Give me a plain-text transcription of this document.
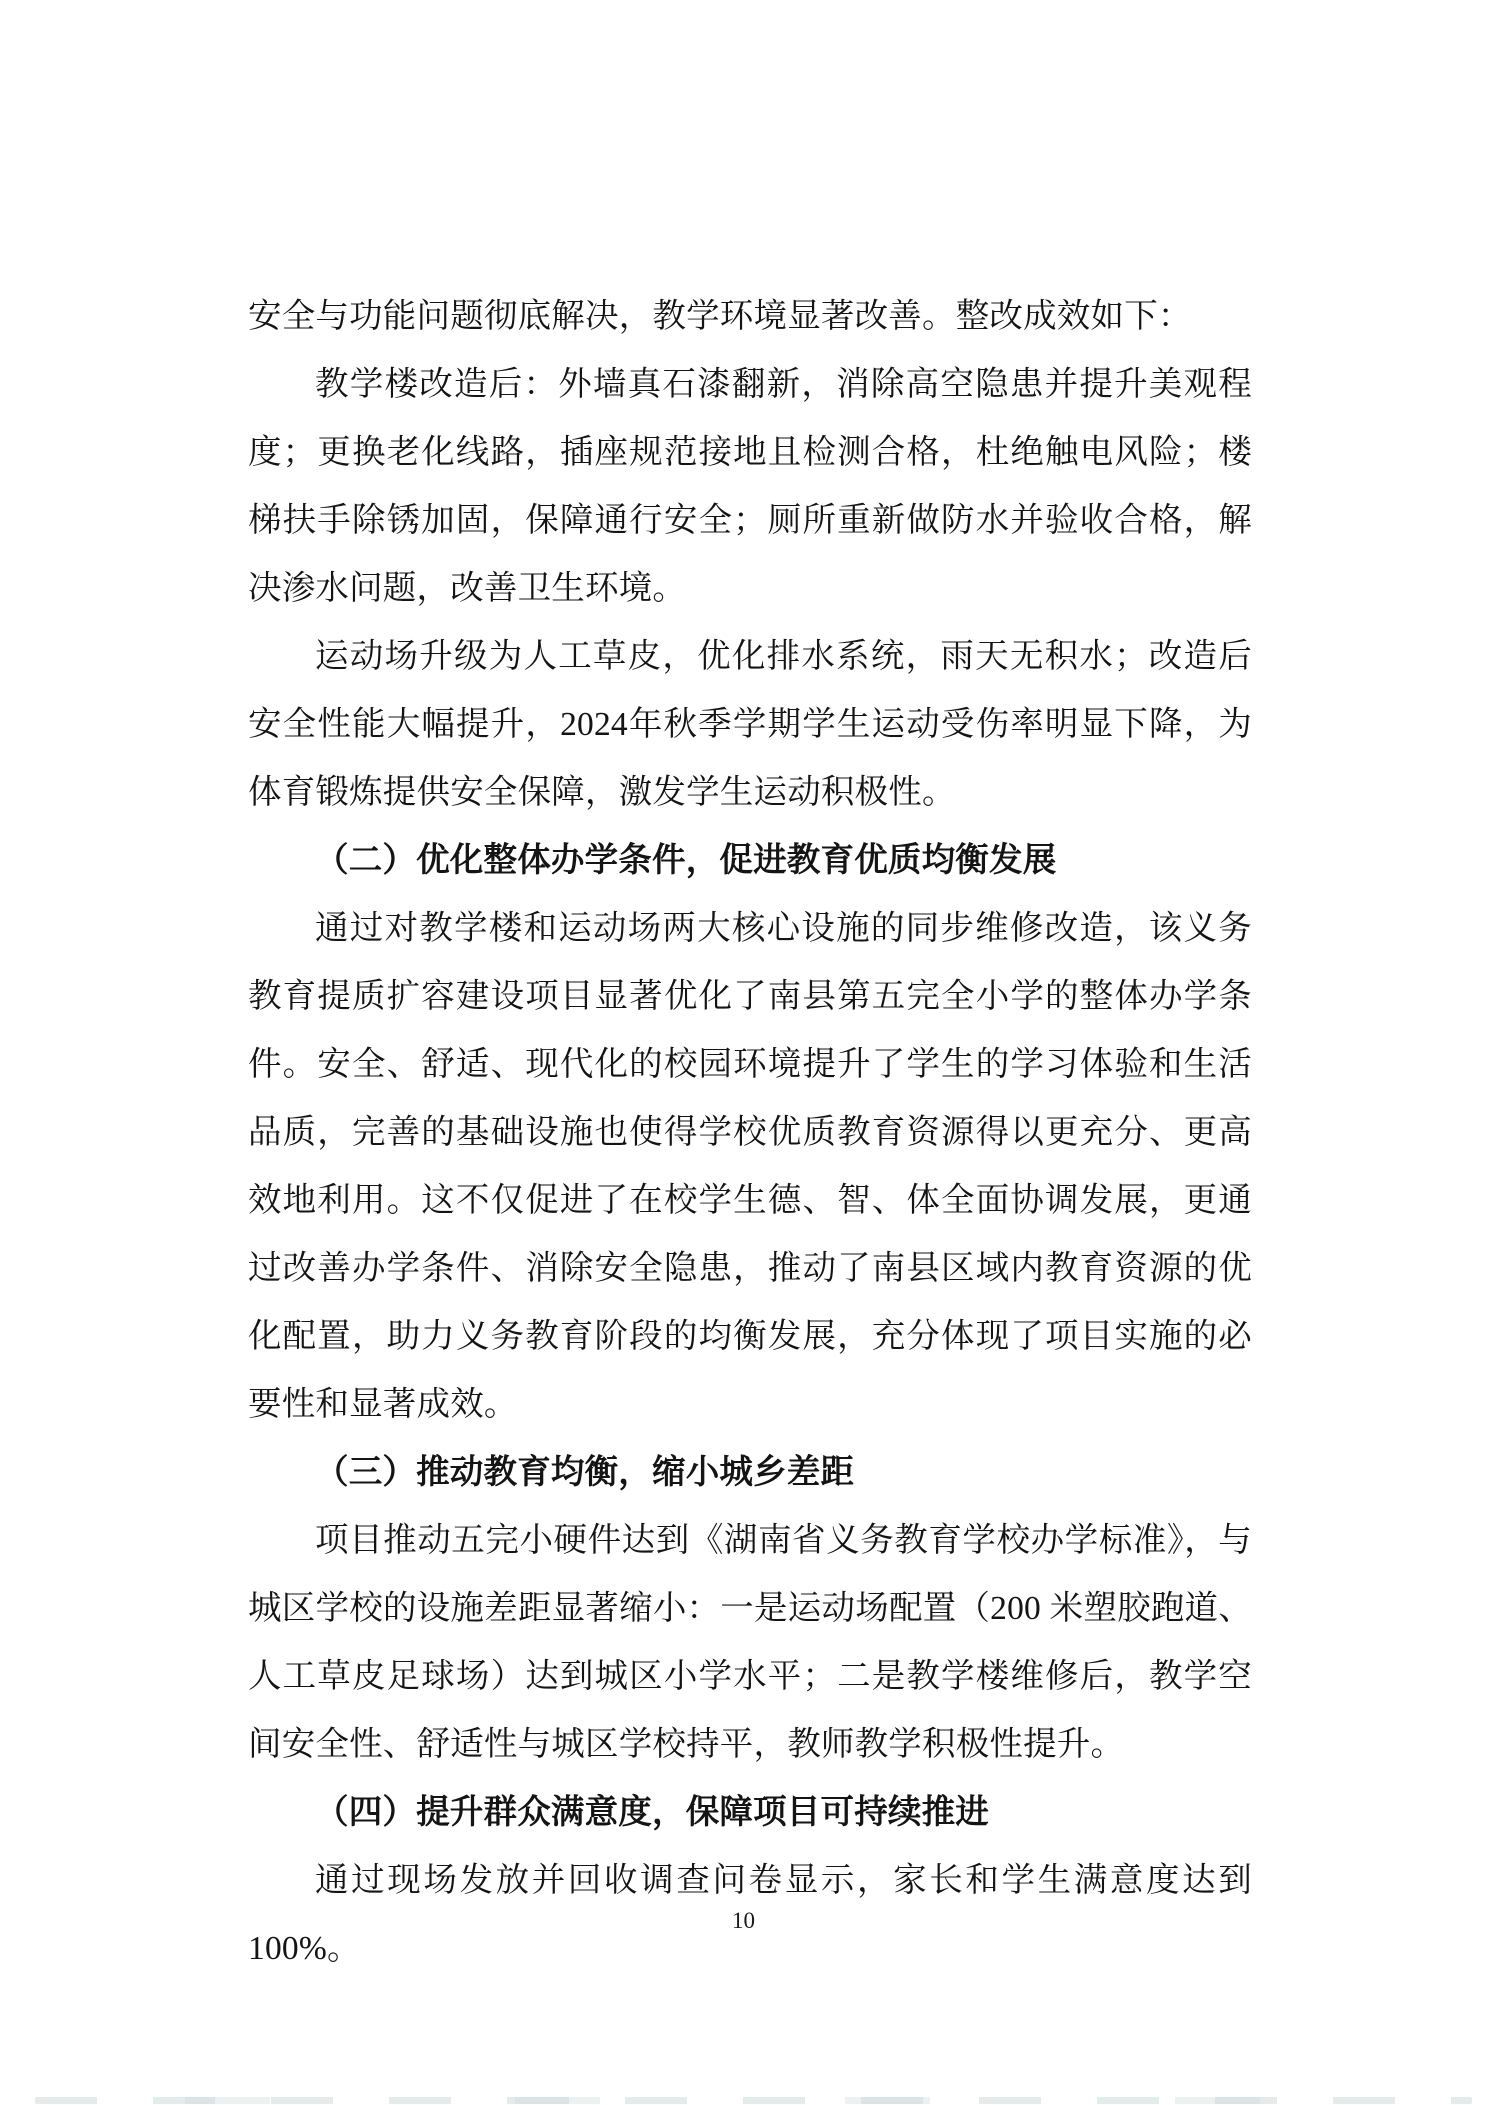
安全与功能问题彻底解决，教学环境显著改善。整改成效如下：

教学楼改造后：外墙真石漆翻新，消除高空隐患并提升美观程度；更换老化线路，插座规范接地且检测合格，杜绝触电风险；楼梯扶手除锈加固，保障通行安全；厕所重新做防水并验收合格，解决渗水问题，改善卫生环境。

运动场升级为人工草皮，优化排水系统，雨天无积水；改造后安全性能大幅提升，2024年秋季学期学生运动受伤率明显下降，为体育锻炼提供安全保障，激发学生运动积极性。

（二）优化整体办学条件，促进教育优质均衡发展

通过对教学楼和运动场两大核心设施的同步维修改造，该义务教育提质扩容建设项目显著优化了南县第五完全小学的整体办学条件。安全、舒适、现代化的校园环境提升了学生的学习体验和生活品质，完善的基础设施也使得学校优质教育资源得以更充分、更高效地利用。这不仅促进了在校学生德、智、体全面协调发展，更通过改善办学条件、消除安全隐患，推动了南县区域内教育资源的优化配置，助力义务教育阶段的均衡发展，充分体现了项目实施的必要性和显著成效。

（三）推动教育均衡，缩小城乡差距

项目推动五完小硬件达到《湖南省义务教育学校办学标准》，与城区学校的设施差距显著缩小：一是运动场配置（200 米塑胶跑道、人工草皮足球场）达到城区小学水平；二是教学楼维修后，教学空间安全性、舒适性与城区学校持平，教师教学积极性提升。

（四）提升群众满意度，保障项目可持续推进

通过现场发放并回收调查问卷显示，家长和学生满意度达到 100%。

10
